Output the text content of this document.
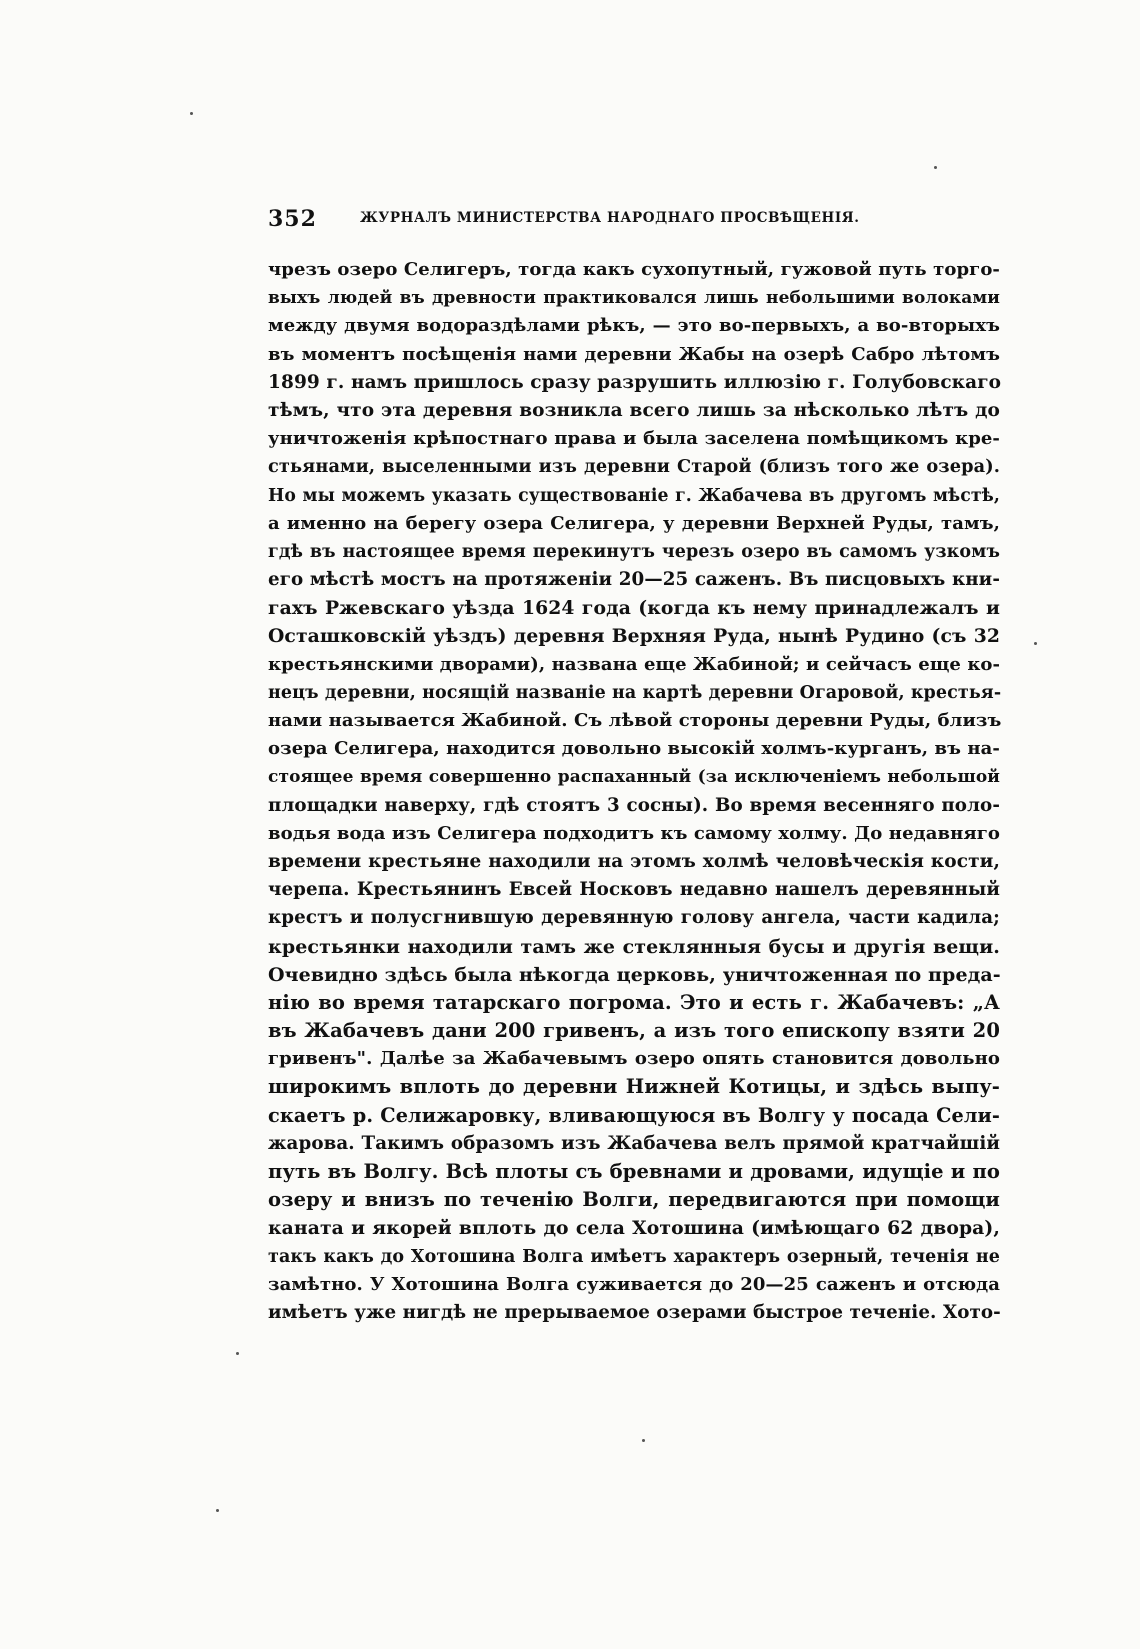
352	ЖУРНАЛЪ МИНИСТЕРСТВА НАРОДНАГО ПРОСВѢЩЕНІЯ.
чрезъ озеро Селигеръ, тогда какъ сухопутный, гужовой путь торго-
выхъ людей въ древности практиковался лишь небольшими волоками
между двумя водораздѣлами рѣкъ, — это во-первыхъ, а во-вторыхъ
въ моментъ посѣщенія нами деревни Жабы на озерѣ Сабро лѣтомъ
1899 г. намъ пришлось сразу разрушить иллюзію г. Голубовскаго
тѣмъ, что эта деревня возникла всего лишь за нѣсколько лѣтъ до
уничтоженія крѣпостнаго права и была заселена помѣщикомъ кре-
стьянами, выселенными изъ деревни Старой (близъ того же озера).
Но мы можемъ указать существованіе г. Жабачева въ другомъ мѣстѣ,
а именно на берегу озера Селигера, у деревни Верхней Руды, тамъ,
гдѣ въ настоящее время перекинутъ черезъ озеро въ самомъ узкомъ
его мѣстѣ мостъ на протяженіи 20—25 саженъ. Въ писцовыхъ кни-
гахъ Ржевскаго уѣзда 1624 года (когда къ нему принадлежалъ и
Осташковскій уѣздъ) деревня Верхняя Руда, нынѣ Рудино (съ 32
крестьянскими дворами), названа еще Жабиной; и сейчасъ еще ко-
нецъ деревни, носящій названіе на картѣ деревни Огаровой, крестья-
нами называется Жабиной. Съ лѣвой стороны деревни Руды, близъ
озера Селигера, находится довольно высокій холмъ-курганъ, въ на-
стоящее время совершенно распаханный (за исключеніемъ небольшой
площадки наверху, гдѣ стоятъ 3 сосны). Во время весенняго поло-
водья вода изъ Селигера подходитъ къ самому холму. До недавняго
времени крестьяне находили на этомъ холмѣ человѣческія кости,
черепа. Крестьянинъ Евсей Носковъ недавно нашелъ деревянный
крестъ и полусгнившую деревянную голову ангела, части кадила;
крестьянки находили тамъ же стеклянныя бусы и другія вещи.
Очевидно здѣсь была нѣкогда церковь, уничтоженная по преда-
нію во время татарскаго погрома. Это и есть г. Жабачевъ: „А
въ Жабачевъ дани 200 гривенъ, а изъ того епископу взяти 20
гривенъ". Далѣе за Жабачевымъ озеро опять становится довольно
широкимъ вплоть до деревни Нижней Котицы, и здѣсь выпу-
скаетъ р. Селижаровку, вливающуюся въ Волгу у посада Сели-
жарова. Такимъ образомъ изъ Жабачева велъ прямой кратчайшій
путь въ Волгу. Всѣ плоты съ бревнами и дровами, идущіе и по
озеру и внизъ по теченію Волги, передвигаются при помощи
каната и якорей вплоть до села Хотошина (имѣющаго 62 двора),
такъ какъ до Хотошина Волга имѣетъ характеръ озерный, теченія не
замѣтно. У Хотошина Волга суживается до 20—25 саженъ и отсюда
имѣетъ уже нигдѣ не прерываемое озерами быстрое теченіе. Хото-
